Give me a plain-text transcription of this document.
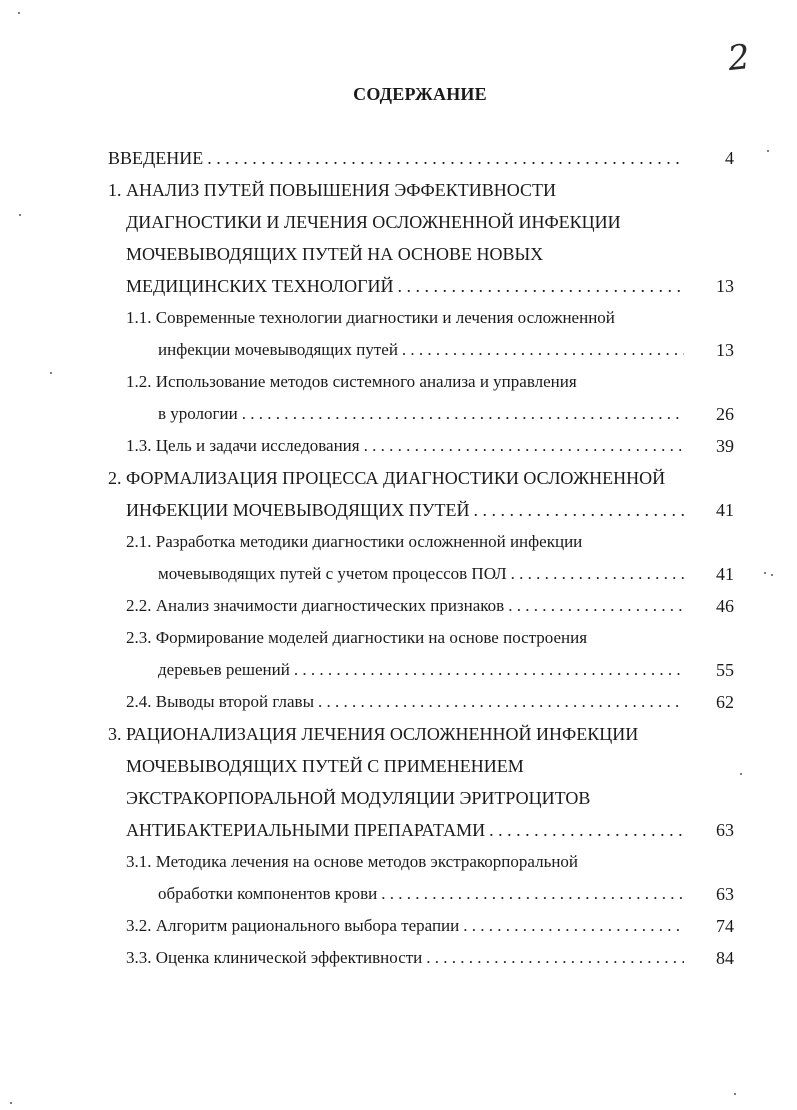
2
СОДЕРЖАНИЕ
ВВЕДЕНИЕ . . .	4
1. АНАЛИЗ ПУТЕЙ ПОВЫШЕНИЯ ЭФФЕКТИВНОСТИ
ДИАГНОСТИКИ И ЛЕЧЕНИЯ ОСЛОЖНЕННОЙ ИНФЕКЦИИ
МОЧЕВЫВОДЯЩИХ ПУТЕЙ НА ОСНОВЕ НОВЫХ
МЕДИЦИНСКИХ ТЕХНОЛОГИЙ . . .	13
1.1. Современные технологии диагностики и лечения осложненной
инфекции мочевыводящих путей . . .	13
1.2. Использование методов системного анализа и управления
в урологии . . .	26
1.3. Цель и задачи исследования . . .	39
2. ФОРМАЛИЗАЦИЯ ПРОЦЕССА ДИАГНОСТИКИ ОСЛОЖНЕННОЙ
ИНФЕКЦИИ МОЧЕВЫВОДЯЩИХ ПУТЕЙ . . .	41
2.1. Разработка методики диагностики осложненной инфекции
мочевыводящих путей с учетом процессов ПОЛ . . .	41
2.2. Анализ значимости диагностических признаков . . .	46
2.3. Формирование моделей диагностики на основе построения
деревьев решений . . .	55
2.4. Выводы второй главы . . .	62
3. РАЦИОНАЛИЗАЦИЯ ЛЕЧЕНИЯ ОСЛОЖНЕННОЙ ИНФЕКЦИИ
МОЧЕВЫВОДЯЩИХ ПУТЕЙ С ПРИМЕНЕНИЕМ
ЭКСТРАКОРПОРАЛЬНОЙ МОДУЛЯЦИИ ЭРИТРОЦИТОВ
АНТИБАКТЕРИАЛЬНЫМИ ПРЕПАРАТАМИ . . .	63
3.1. Методика лечения на основе методов экстракорпоральной
обработки компонентов крови . . .	63
3.2. Алгоритм рационального выбора терапии . . .	74
3.3. Оценка клинической эффективности . . .	84
